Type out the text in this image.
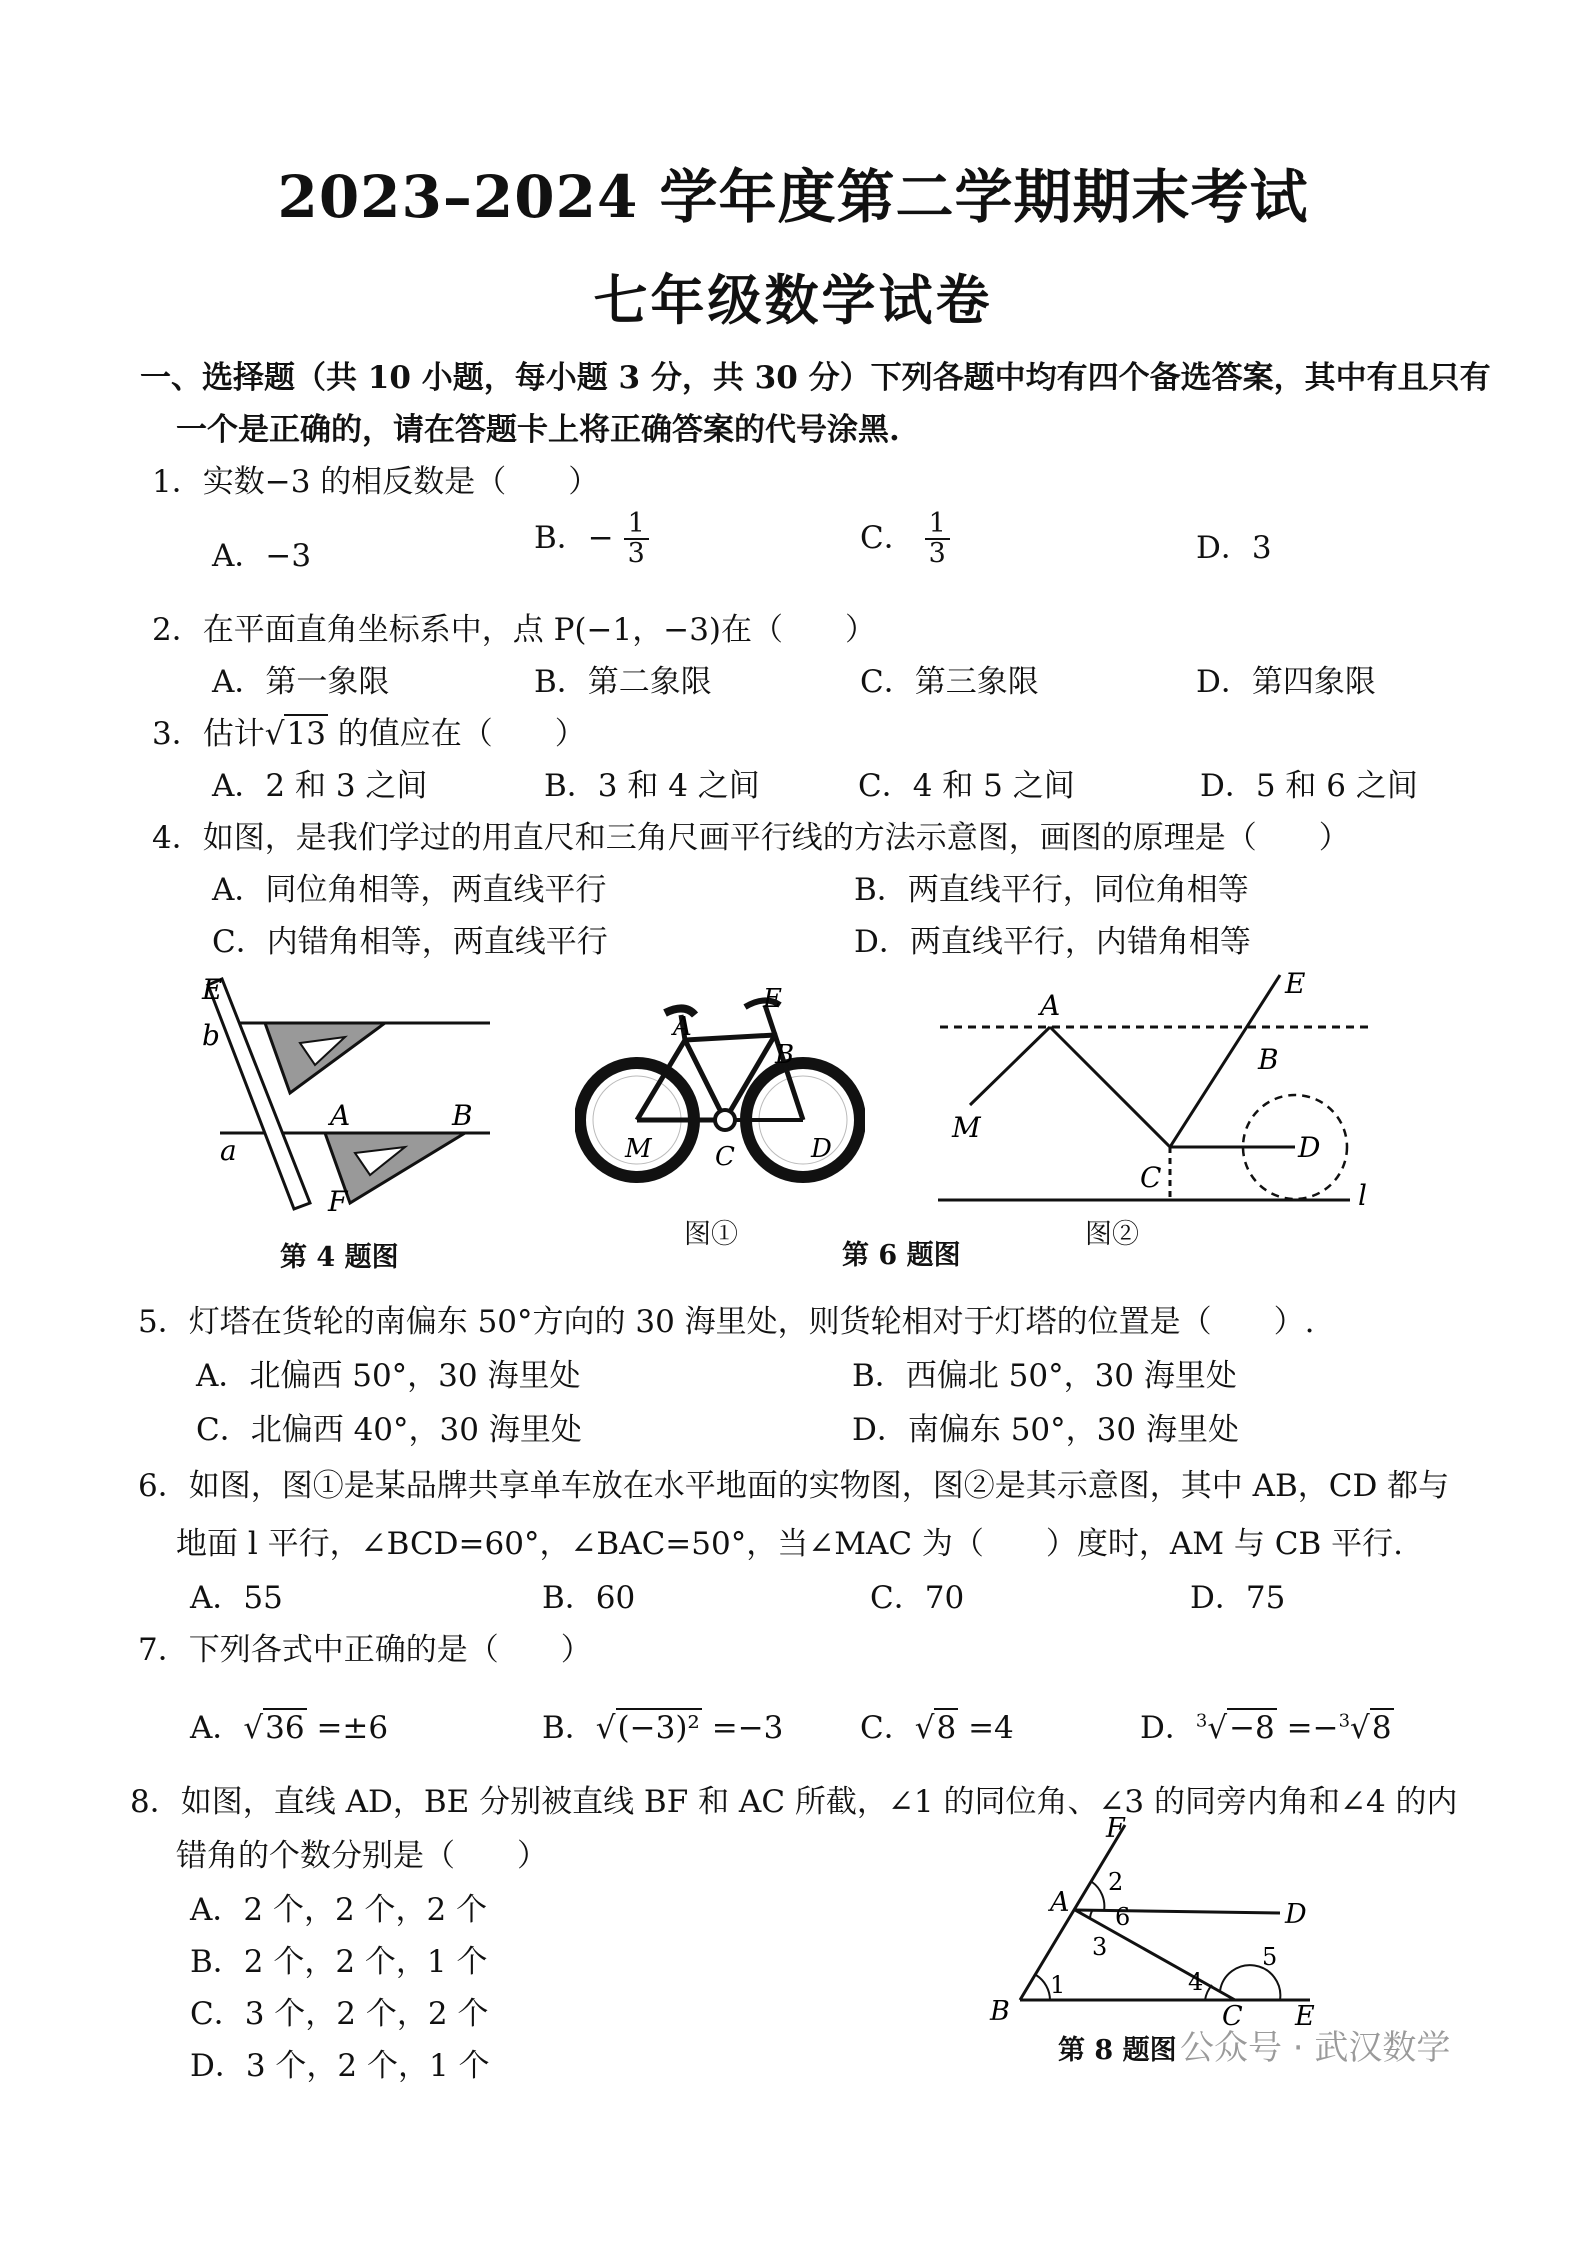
2023–2024 学年度第二学期期末考试
七年级数学试卷
一、选择题（共 10 小题，每小题 3 分，共 30 分）下列各题中均有四个备选答案，其中有且只有
一个是正确的，请在答题卡上将正确答案的代号涂黑.
1．实数−3 的相反数是（　　）
A．−3
B．− $\frac{1}{3}$	C． $\frac{1}{3}$	D．3
2．在平面直角坐标系中，点 P(−1，−3)在（　　）
A．第一象限	B．第二象限	C．第三象限	D．第四象限
3．估计√13 的值应在（　　）
A．2 和 3 之间	B．3 和 4 之间	C．4 和 5 之间	D．5 和 6 之间
4．如图，是我们学过的用直尺和三角尺画平行线的方法示意图，画图的原理是（　　）
A．同位角相等，两直线平行	B．两直线平行，同位角相等
C．内错角相等，两直线平行	D．两直线平行，内错角相等
E
b
A	B
a
F
第 4 题图
A
E
B
M C	D
图①
第 6 题图
A
E
B
M
C
D
l
图②
5．灯塔在货轮的南偏东 50°方向的 30 海里处，则货轮相对于灯塔的位置是（　　）.
A．北偏西 50°，30 海里处	B．西偏北 50°，30 海里处
C．北偏西 40°，30 海里处	D．南偏东 50°，30 海里处
6．如图，图①是某品牌共享单车放在水平地面的实物图，图②是其示意图，其中 AB，CD 都与
地面 l 平行，∠BCD=60°，∠BAC=50°，当∠MAC 为（　　）度时，AM 与 CB 平行.
A．55	B．60	C．70	D．75
7．下列各式中正确的是（　　）
A．√36 =±6	B．√(−3)² =−3 C．√8 =4	D．$^3$√−8 =−$^3$√8
8．如图，直线 AD，BE 分别被直线 BF 和 AC 所截，∠1 的同位角、∠3 的同旁内角和∠4 的内
错角的个数分别是（　　）
A．2 个，2 个，2 个
B．2 个，2 个，1 个
C．3 个，2 个，2 个
D．3 个，2 个，1 个
F
A	D
B	C E
1
2
3
4
5
6
第 8 题图 公众号 · 武汉数学
